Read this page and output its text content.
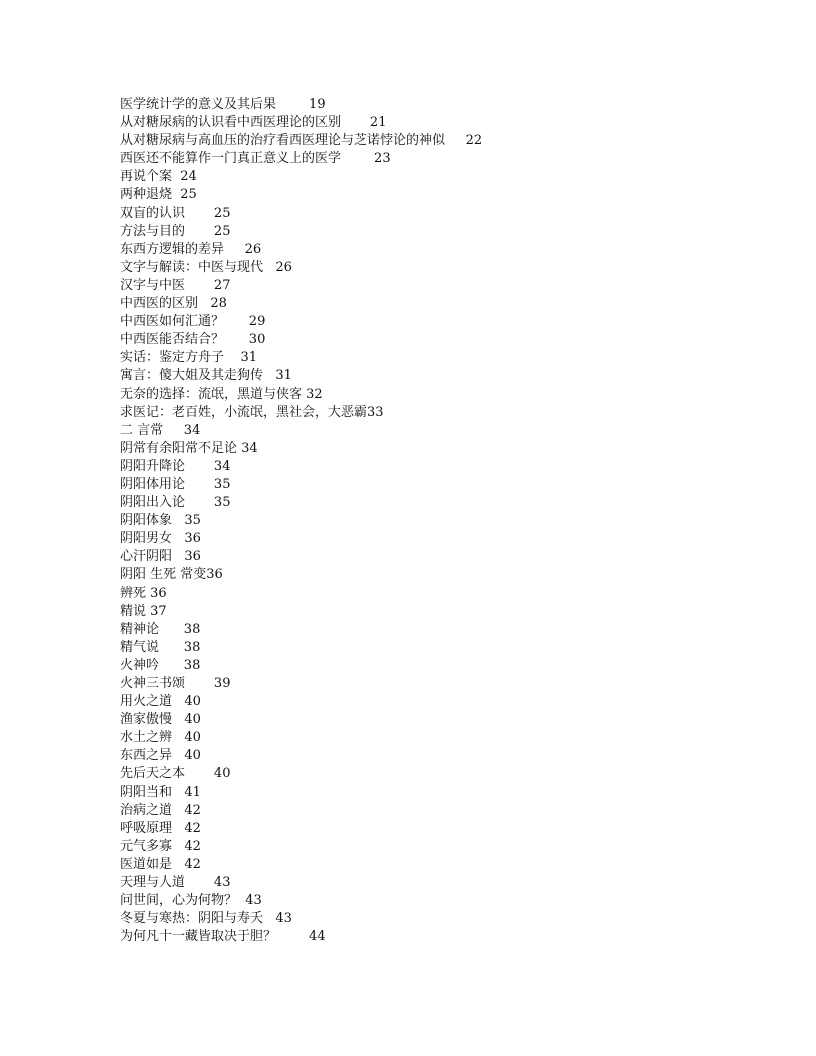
医学统计学的意义及其后果        19
从对糖尿病的认识看中西医理论的区别       21
从对糖尿病与高血压的治疗看西医理论与芝诺悖论的神似     22
西医还不能算作一门真正意义上的医学        23
再说个案  24
两种退烧  25
双盲的认识       25
方法与目的       25
东西方逻辑的差异     26
文字与解读：中医与现代   26
汉字与中医       27
中西医的区别   28
中西医如何汇通？      29
中西医能否结合？      30
实话：鉴定方舟子    31
寓言：傻大姐及其走狗传   31
无奈的选择：流氓，黑道与侠客 32
求医记：老百姓，小流氓，黑社会，大恶霸33
二 言常     34
阴常有余阳常不足论 34
阴阳升降论       34
阴阳体用论       35
阴阳出入论       35
阴阳体象   35
阴阳男女   36
心汗阴阳   36
阴阳 生死 常变36
辨死 36
精说 37
精神论      38
精气说      38
火神吟      38
火神三书颂       39
用火之道   40
渔家傲慢   40
水土之辨   40
东西之异   40
先后天之本       40
阴阳当和   41
治病之道   42
呼吸原理   42
元气多寡   42
医道如是   42
天理与人道       43
问世间，心为何物？  43
冬夏与寒热：阴阳与寿夭   43
为何凡十一藏皆取决于胆？        44
